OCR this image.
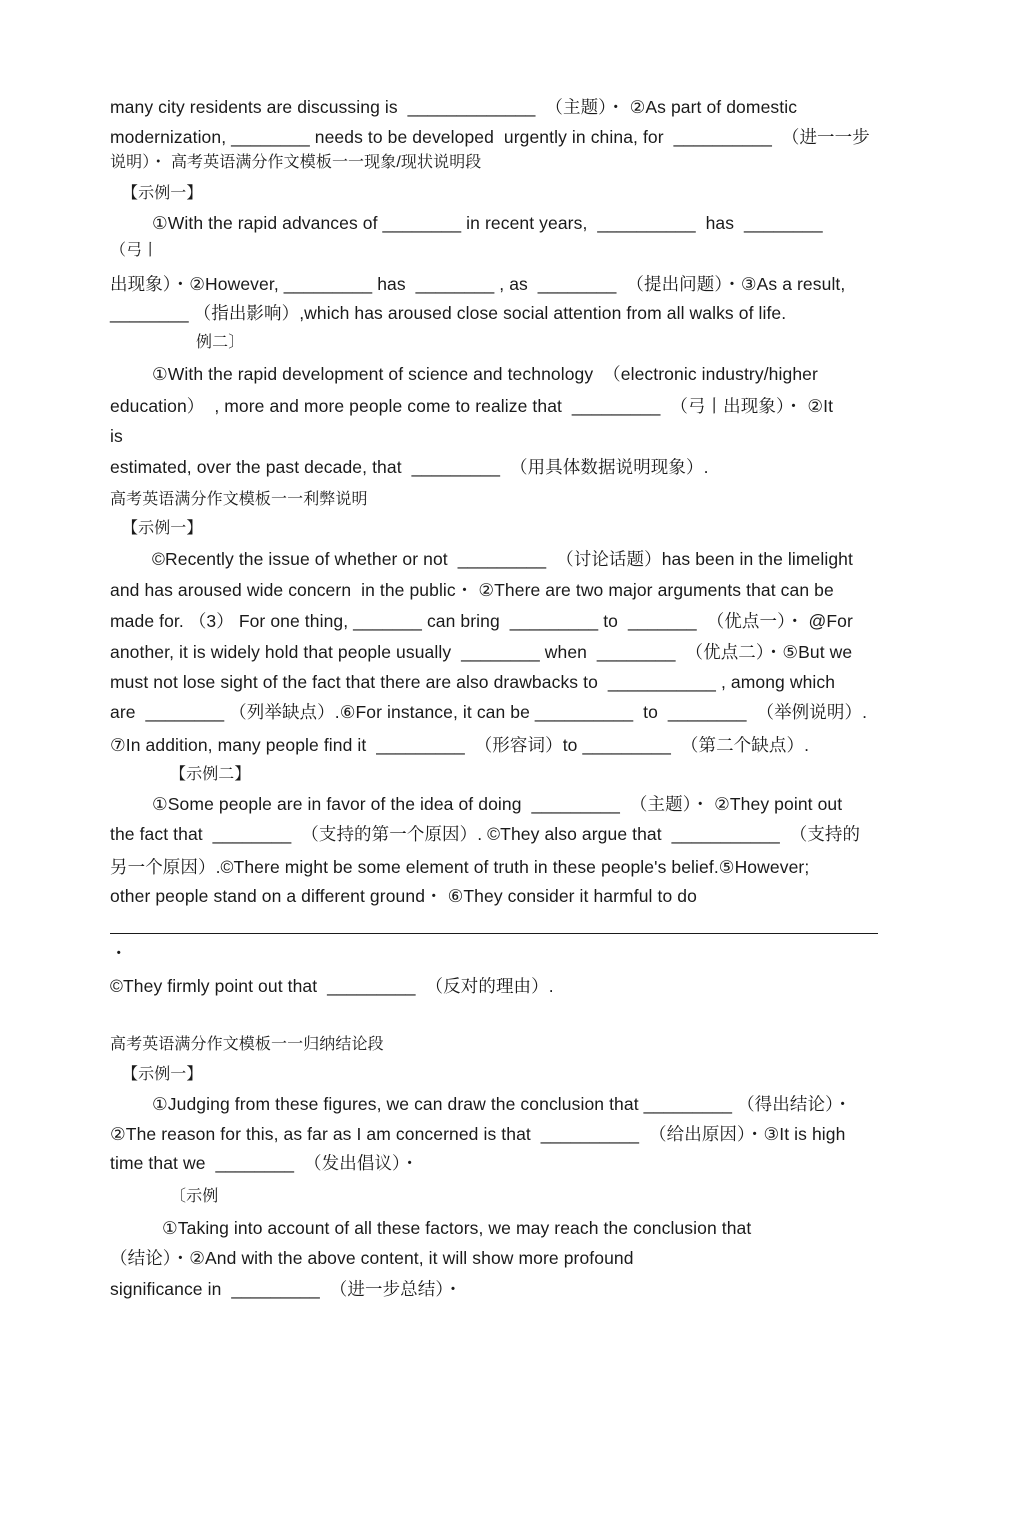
many city residents are discussing is  _____________  （主题）・ ②As part of domestic
modernization, ________ needs to be developed  urgently in china, for  __________  （进一一步
说明）・ 高考英语满分作文模板一一现象/现状说明段
【示例一】
①With the rapid advances of ________ in recent years,  __________  has  ________
（弓丨
出现象）・②However, _________ has  ________ , as  ________  （提出问题）・③As a result,
________ （指出影响）,which has aroused close social attention from all walks of life.
例二〕
①With the rapid development of science and technology  （electronic industry/higher
education）  , more and more people come to realize that  _________  （弓丨出现象）・ ②It
is
estimated, over the past decade, that  _________  （用具体数据说明现象）.
高考英语满分作文模板一一利弊说明
【示例一】
©Recently the issue of whether or not  _________  （讨论话题）has been in the limelight
and has aroused wide concern  in the public・ ②There are two major arguments that can be
made for. （3） For one thing, _______ can bring  _________ to  _______  （优点一）・ @For
another, it is widely hold that people usually  ________ when  ________  （优点二）・⑤But we
must not lose sight of the fact that there are also drawbacks to  ___________ , among which
are  ________ （列举缺点）.⑥For instance, it can be __________  to  ________  （举例说明）.
⑦In addition, many people find it  _________  （形容词）to _________  （第二个缺点）.
【示例二】
①Some people are in favor of the idea of doing  _________  （主题）・ ②They point out
the fact that  ________  （支持的第一个原因）. ©They also argue that  ___________  （支持的
另一个原因）.©There might be some element of truth in these people's belief.⑤However;
other people stand on a different ground・ ⑥They consider it harmful to do
・
©They firmly point out that  _________  （反对的理由）.
高考英语满分作文模板一一归纳结论段
【示例一】
①Judging from these figures, we can draw the conclusion that _________ （得出结论）・
②The reason for this, as far as I am concerned is that  __________  （给出原因）・③It is high
time that we  ________  （发出倡议）・
〔示例
①Taking into account of all these factors, we may reach the conclusion that
（结论）・②And with the above content, it will show more profound
significance in  _________  （进一步总结）・
